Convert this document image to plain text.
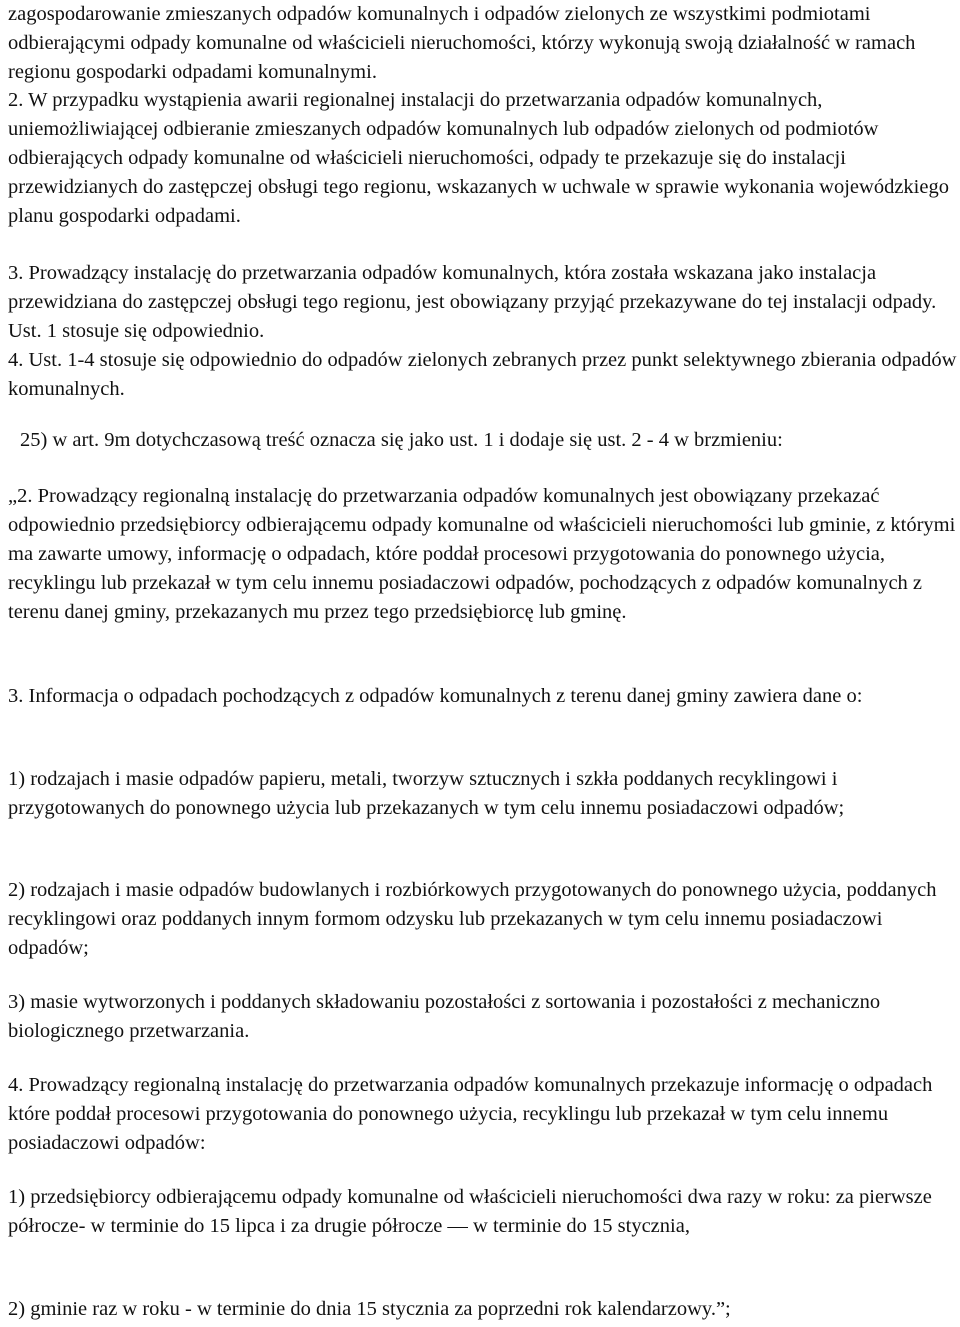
zagospodarowanie zmieszanych odpadów komunalnych i odpadów zielonych ze wszystkimi podmiotami odbierającymi odpady komunalne od właścicieli nieruchomości, którzy wykonują swoją działalność w ramach regionu gospodarki odpadami komunalnymi.

2. W przypadku wystąpienia awarii regionalnej instalacji do przetwarzania odpadów komunalnych, uniemożliwiającej odbieranie zmieszanych odpadów komunalnych lub odpadów zielonych od podmiotów odbierających odpady komunalne od właścicieli nieruchomości, odpady te przekazuje się do instalacji przewidzianych do zastępczej obsługi tego regionu, wskazanych w uchwale w sprawie wykonania wojewódzkiego planu gospodarki odpadami.

3. Prowadzący instalację do przetwarzania odpadów komunalnych, która została wskazana jako instalacja przewidziana do zastępczej obsługi tego regionu, jest obowiązany przyjąć przekazywane do tej instalacji odpady. Ust. 1 stosuje się odpowiednio.

4. Ust. 1-4 stosuje się odpowiednio do odpadów zielonych zebranych przez punkt selektywnego zbierania odpadów komunalnych.

25) w art. 9m dotychczasową treść oznacza się jako ust. 1 i dodaje się ust. 2 - 4 w brzmieniu:

„2. Prowadzący regionalną instalację do przetwarzania odpadów komunalnych jest obowiązany przekazać odpowiednio przedsiębiorcy odbierającemu odpady komunalne od właścicieli nieruchomości lub gminie, z którymi ma zawarte umowy, informację o odpadach, które poddał procesowi przygotowania do ponownego użycia, recyklingu lub przekazał w tym celu innemu posiadaczowi odpadów, pochodzących z odpadów komunalnych z terenu danej gminy, przekazanych mu przez tego przedsiębiorcę lub gminę.

3. Informacja o odpadach pochodzących z odpadów komunalnych z terenu danej gminy zawiera dane o:

1) rodzajach i masie odpadów papieru, metali, tworzyw sztucznych i szkła poddanych recyklingowi i przygotowanych do ponownego użycia lub przekazanych w tym celu innemu posiadaczowi odpadów;

2) rodzajach i masie odpadów budowlanych i rozbiórkowych przygotowanych do ponownego użycia, poddanych recyklingowi oraz poddanych innym formom odzysku lub przekazanych w tym celu innemu posiadaczowi odpadów;

3) masie wytworzonych i poddanych składowaniu pozostałości z sortowania i pozostałości z mechaniczno biologicznego przetwarzania.

4. Prowadzący regionalną instalację do przetwarzania odpadów komunalnych przekazuje informację o odpadach które poddał procesowi przygotowania do ponownego użycia, recyklingu lub przekazał w tym celu innemu posiadaczowi odpadów:

1) przedsiębiorcy odbierającemu odpady komunalne od właścicieli nieruchomości dwa razy w roku: za pierwsze półrocze- w terminie do 15 lipca i za drugie półrocze — w terminie do 15 stycznia,

2) gminie raz w roku - w terminie do dnia 15 stycznia za poprzedni rok kalendarzowy.”;
